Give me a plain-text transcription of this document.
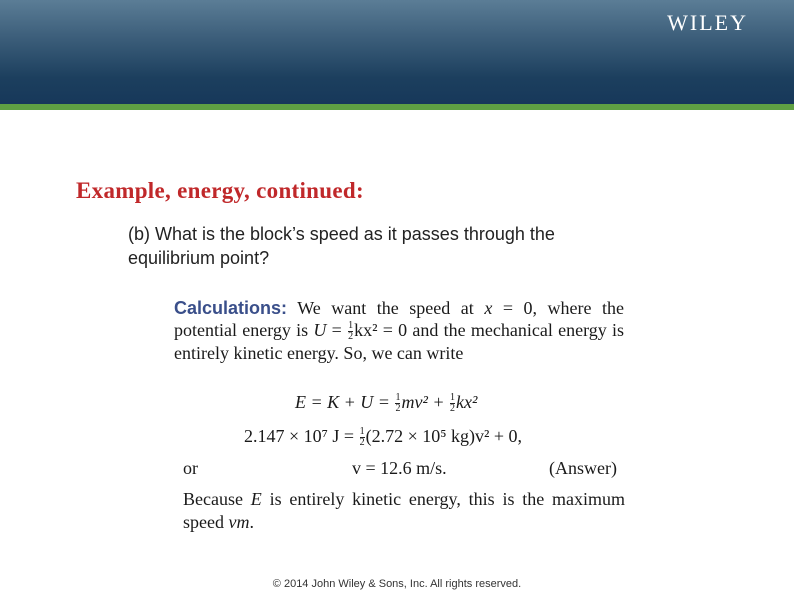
WILEY
Example, energy, continued:
(b) What is the block’s speed as it passes through the equilibrium point?
Calculations: We want the speed at x = 0, where the potential energy is $U = \frac{1}{2} kx^2 = 0$ and the mechanical energy is entirely kinetic energy. So, we can write
$E = K + U = \frac{1}{2} mv^2 + \frac{1}{2} kx^2$
2.147 × 10⁷ $J = \frac{1}{2} (2.72 \times 10^5$ kg)v² + 0,
or	v = 12.6 m/s.	(Answer)
Because E is entirely kinetic energy, this is the maximum speed vm.
© 2014 John Wiley & Sons, Inc. All rights reserved.
